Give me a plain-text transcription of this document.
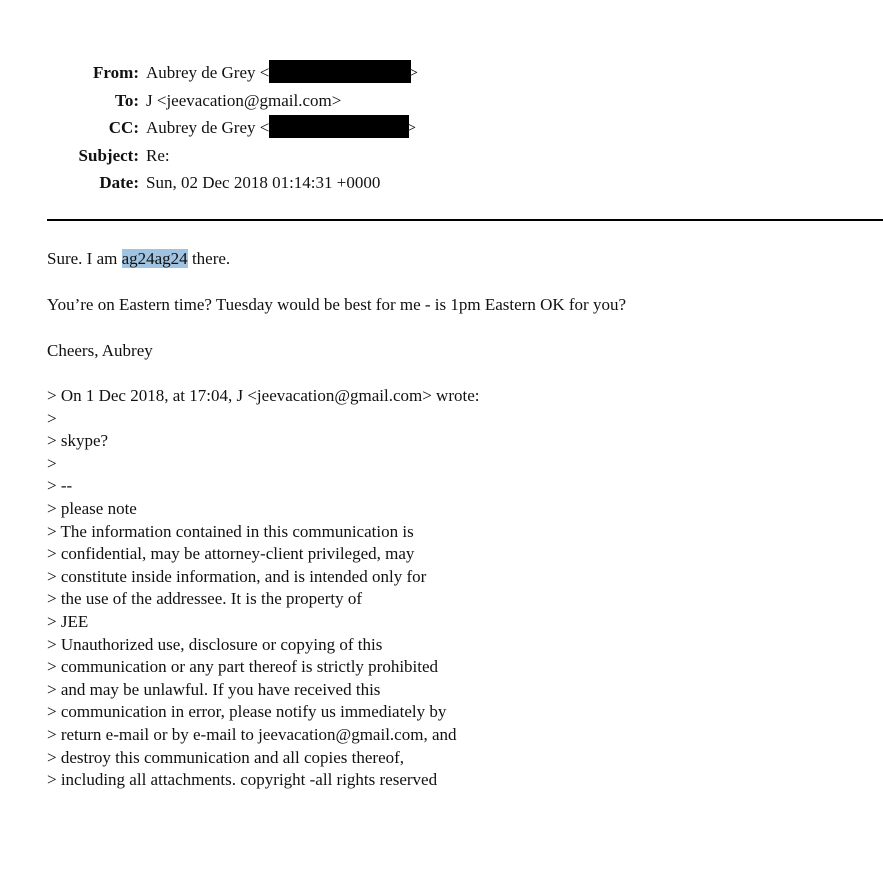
From: Aubrey de Grey <	>
To: J <jeevacation@gmail.com>
CC: Aubrey de Grey <	>
Subject: Re:
Date: Sun, 02 Dec 2018 01:14:31 +0000

Sure. I am ag24ag24 there.

You’re on Eastern time? Tuesday would be best for me - is 1pm Eastern OK for you?

Cheers, Aubrey

> On 1 Dec 2018, at 17:04, J <jeevacation@gmail.com> wrote:
>
> skype?
>
> --
> please note
> The information contained in this communication is
> confidential, may be attorney-client privileged, may
> constitute inside information, and is intended only for
> the use of the addressee. It is the property of
> JEE
> Unauthorized use, disclosure or copying of this
> communication or any part thereof is strictly prohibited
> and may be unlawful. If you have received this
> communication in error, please notify us immediately by
> return e-mail or by e-mail to jeevacation@gmail.com, and
> destroy this communication and all copies thereof,
> including all attachments. copyright -all rights reserved
